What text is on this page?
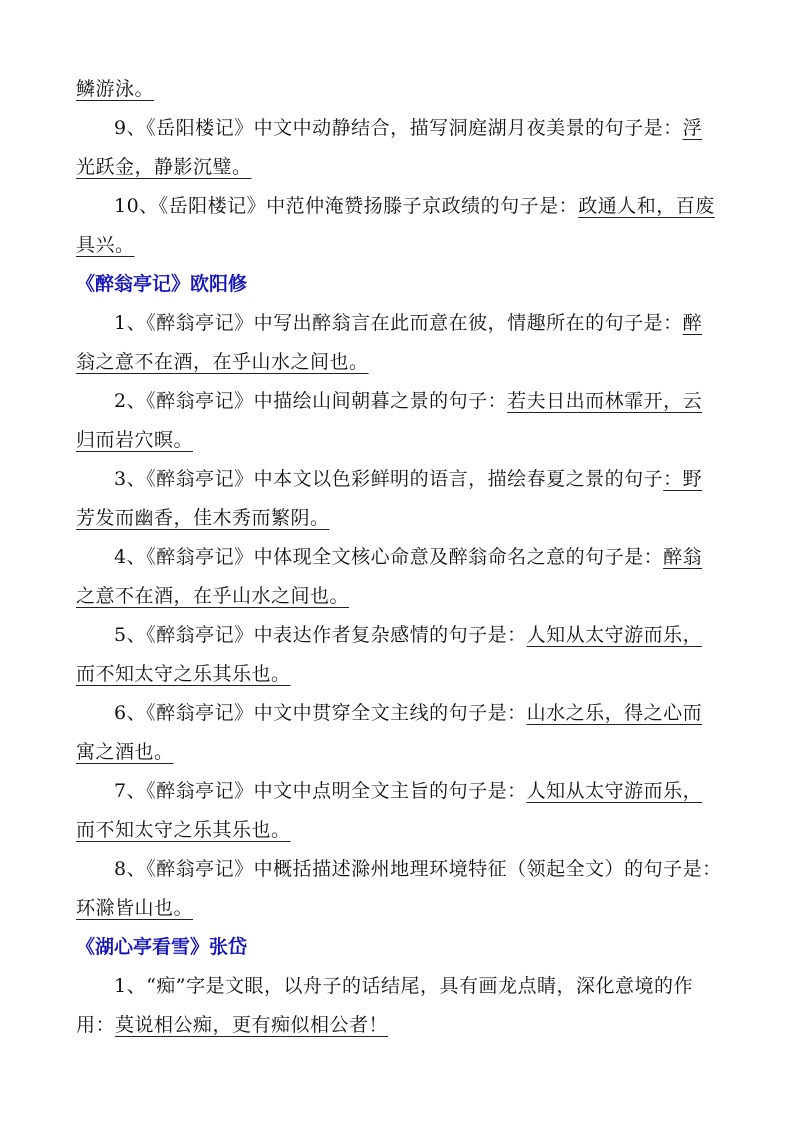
鳞游泳。
9、《岳阳楼记》中文中动静结合，描写洞庭湖月夜美景的句子是：浮
光跃金，静影沉璧。
10、《岳阳楼记》中范仲淹赞扬滕子京政绩的句子是：政通人和，百废
具兴。
《醉翁亭记》欧阳修
1、《醉翁亭记》中写出醉翁言在此而意在彼，情趣所在的句子是：醉
翁之意不在酒，在乎山水之间也。
2、《醉翁亭记》中描绘山间朝暮之景的句子：若夫日出而林霏开，云
归而岩穴暝。
3、《醉翁亭记》中本文以色彩鲜明的语言，描绘春夏之景的句子：野
芳发而幽香，佳木秀而繁阴。
4、《醉翁亭记》中体现全文核心命意及醉翁命名之意的句子是：醉翁
之意不在酒，在乎山水之间也。
5、《醉翁亭记》中表达作者复杂感情的句子是：人知从太守游而乐，
而不知太守之乐其乐也。
6、《醉翁亭记》中文中贯穿全文主线的句子是：山水之乐，得之心而
寓之酒也。
7、《醉翁亭记》中文中点明全文主旨的句子是：人知从太守游而乐，
而不知太守之乐其乐也。
8、《醉翁亭记》中概括描述滁州地理环境特征（领起全文）的句子是：
环滁皆山也。
《湖心亭看雪》张岱
1、“痴”字是文眼，以舟子的话结尾，具有画龙点睛，深化意境的作
用：莫说相公痴，更有痴似相公者！
